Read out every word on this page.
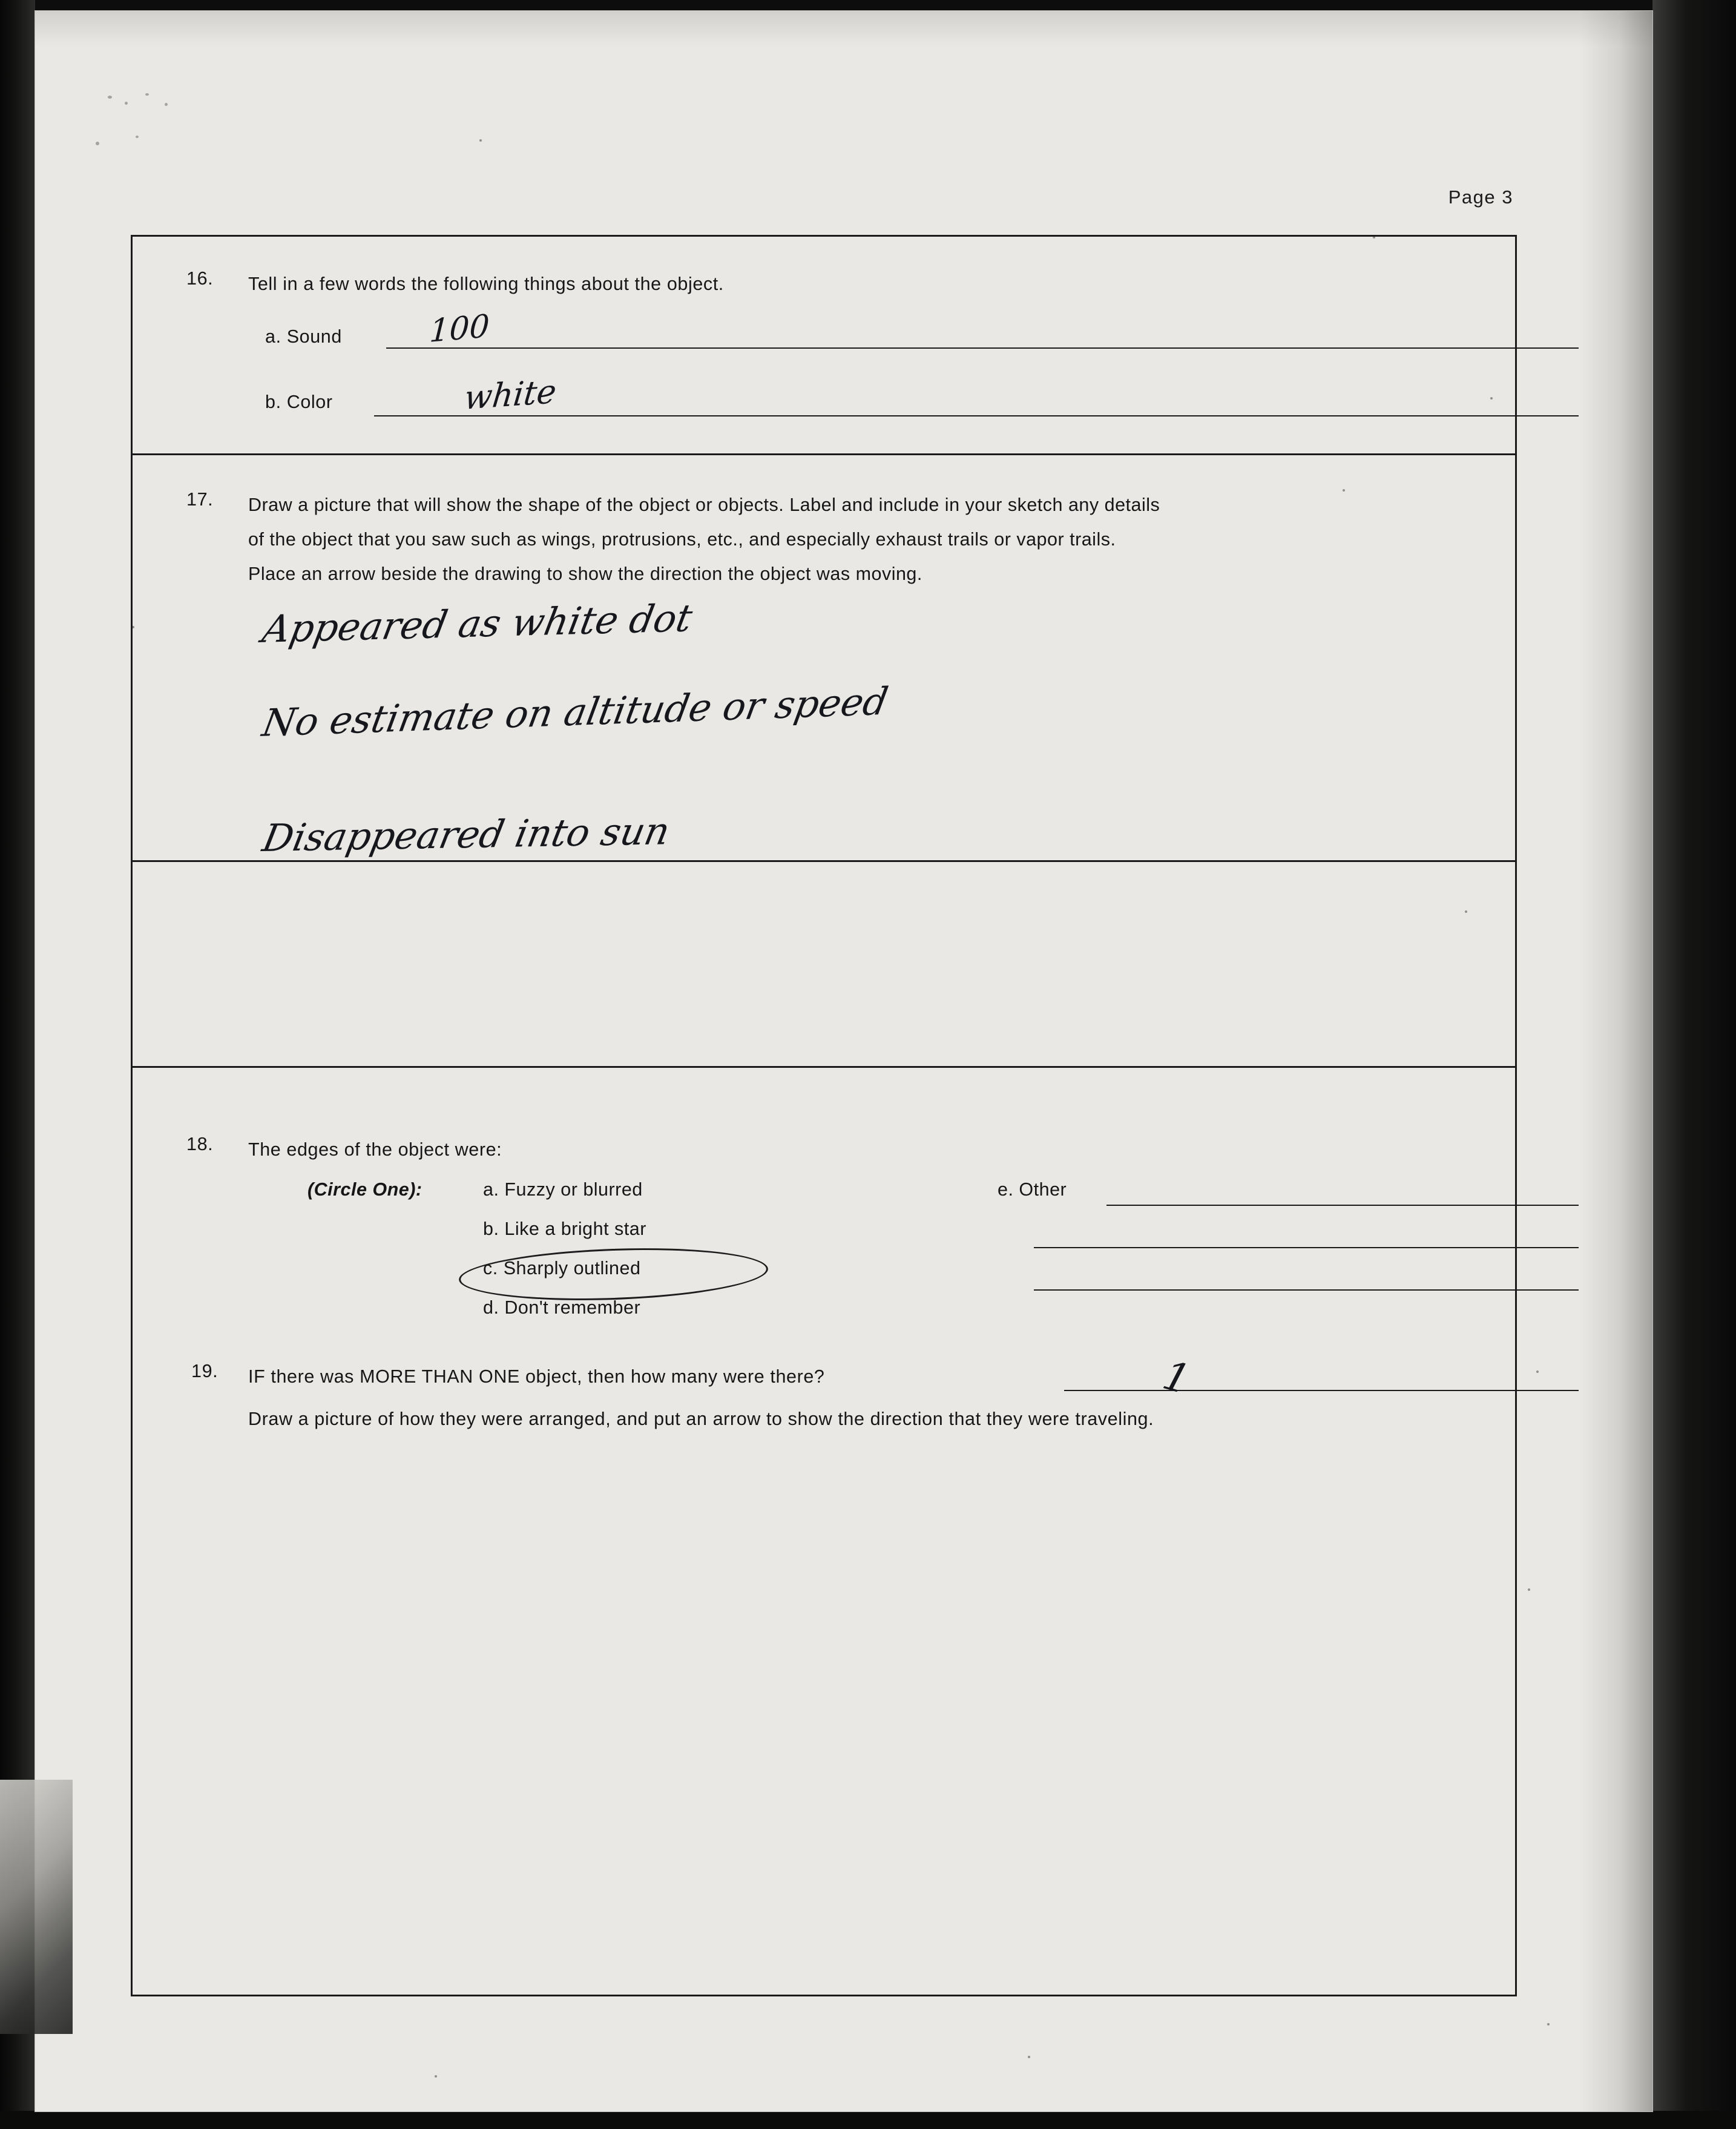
Page 3
16. Tell in a few words the following things about the object.
a. Sound	100
b. Color	white
17. Draw a picture that will show the shape of the object or objects. Label and include in your sketch any details
of the object that you saw such as wings, protrusions, etc., and especially exhaust trails or vapor trails.
Place an arrow beside the drawing to show the direction the object was moving.
Appeared as white dot
No estimate on altitude or speed
Disappeared into sun
18. The edges of the object were:
(Circle One):	a. Fuzzy or blurred
b. Like a bright star
c. Sharply outlined
d. Don't remember
e. Other
19. IF there was MORE THAN ONE object, then how many were there?	1
Draw a picture of how they were arranged, and put an arrow to show the direction that they were traveling.
